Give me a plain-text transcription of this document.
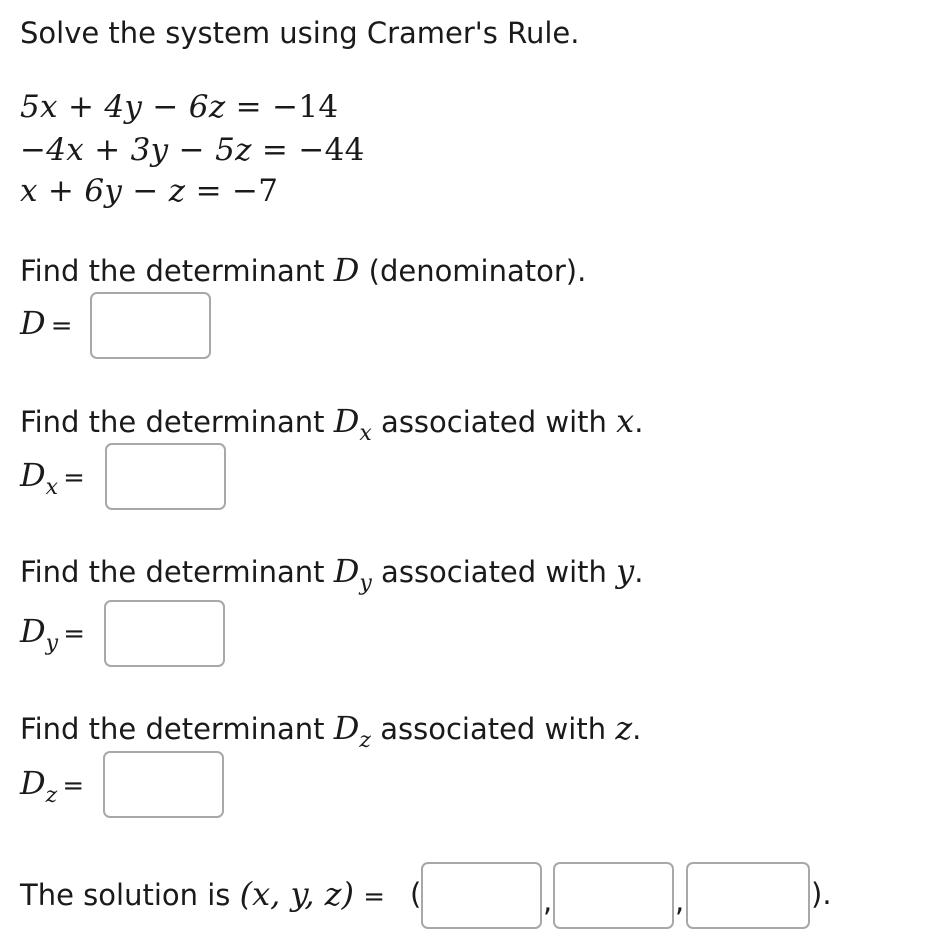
Solve the system using Cramer's Rule.
5x + 4y − 6z = −14
−4x + 3y − 5z = −44
x + 6y − z = −7
Find the determinant D (denominator).
D =
Find the determinant $D_x$ associated with x.
Dx =
Find the determinant $D_y$ associated with y.
Dy =
Find the determinant $D_z$ associated with z.
Dz =
The solution is (x, y, z) = (	,	,	).
